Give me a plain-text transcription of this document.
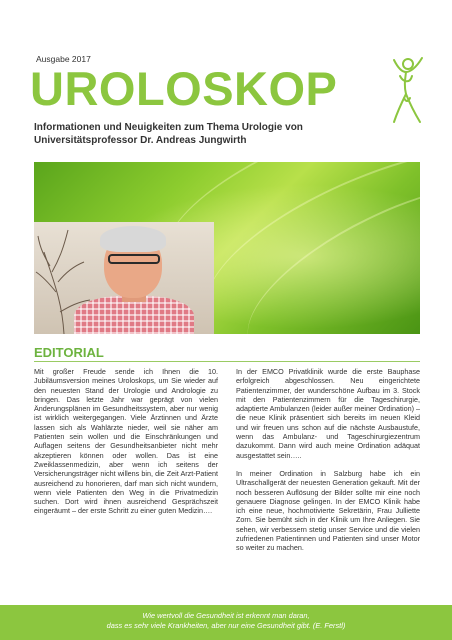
Ausgabe 2017
UROLOSKOP
Informationen und Neuigkeiten zum Thema Urologie von Universitätsprofessor Dr. Andreas Jungwirth
EDITORIAL

Mit großer Freude sende ich Ihnen die 10. Jubiläumsversion meines Uroloskops, um Sie wieder auf den neuesten Stand der Urologie und Andrologie zu bringen. Das letzte Jahr war geprägt von vielen Änderungsplänen im Gesundheitssystem, aber nur wenig ist wirklich weitergegangen. Viele Ärztinnen und Ärzte lassen sich als Wahlärzte nieder, weil sie näher am Patienten sein wollen und die Einschränkungen und Auflagen seitens der Gesundheitsanbieter nicht mehr akzeptieren können oder wollen. Das ist eine Zweiklassenmedizin, aber wenn ich seitens der Versicherungsträger nicht willens bin, die Zeit Arzt-Patient ausreichend zu honorieren, darf man sich nicht wundern, wenn viele Patienten den Weg in die Privatmedizin suchen. Dort wird ihnen ausreichend Gesprächszeit eingeräumt – der erste Schritt zu einer guten Medizin….

In der EMCO Privatklinik wurde die erste Bauphase erfolgreich abgeschlossen. Neu eingerichtete Patientenzimmer, der wunderschöne Aufbau im 3. Stock mit den Patientenzimmern für die Tageschirurgie, adaptierte Ambulanzen (leider außer meiner Ordination) – die neue Klinik präsentiert sich bereits im neuen Kleid und wir freuen uns schon auf die nächste Ausbaustufe, wenn das Ambulanz- und Tageschirurgiezentrum dazukommt. Dann wird auch meine Ordination adäquat ausgestattet sein…..

In meiner Ordination in Salzburg habe ich ein Ultraschallgerät der neuesten Generation gekauft. Mit der noch besseren Auflösung der Bilder sollte mir eine noch genauere Diagnose gelingen. In der EMCO Klinik habe ich eine neue, hochmotivierte Sekretärin, Frau Julliette Zorn. Sie bemüht sich in der Klinik um Ihre Anliegen. Sie sehen, wir verbessern stetig unser Service und die vielen zufriedenen Patientinnen und Patienten sind unser Motor so weiter zu machen.

Wie wertvoll die Gesundheit ist erkennt man daran,
dass es sehr viele Krankheiten, aber nur eine Gesundheit gibt. (E. Ferstl)
